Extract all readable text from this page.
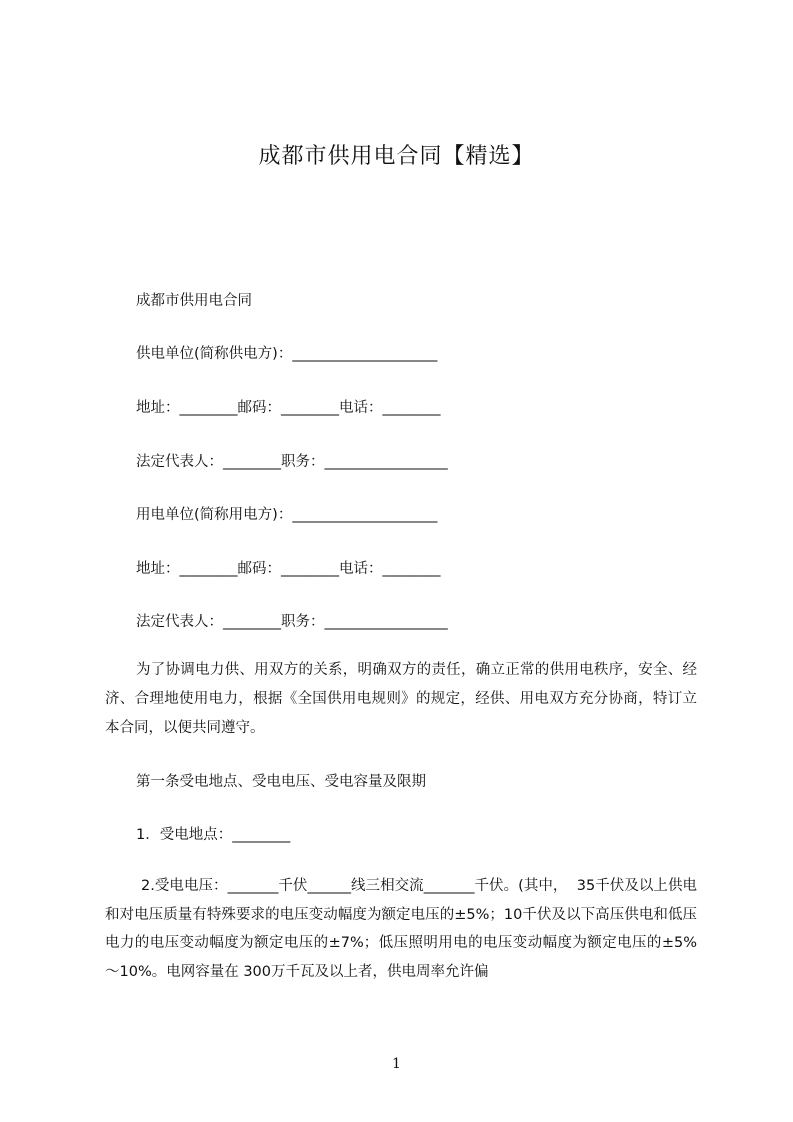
成都市供用电合同【精选】
成都市供用电合同
供电单位(简称供电方)：____________________
地址：________邮码：________电话：________
法定代表人：________职务：_________________
用电单位(简称用电方)：____________________
地址：________邮码：________电话：________
法定代表人：________职务：_________________
为了协调电力供、用双方的关系，明确双方的责任，确立正常的供用电秩序，安全、经济、合理地使用电力，根据《全国供用电规则》的规定，经供、用电双方充分协商，特订立本合同，以便共同遵守。
第一条受电地点、受电电压、受电容量及限期
1．受电地点：________
2.受电电压：_______千伏______线三相交流_______千伏。(其中，  35千伏及以上供电和对电压质量有特殊要求的电压变动幅度为额定电压的±5%；10千伏及以下高压供电和低压电力的电压变动幅度为额定电压的±7%；低压照明用电的电压变动幅度为额定电压的±5%～10%。电网容量在 300万千瓦及以上者，供电周率允许偏
1
